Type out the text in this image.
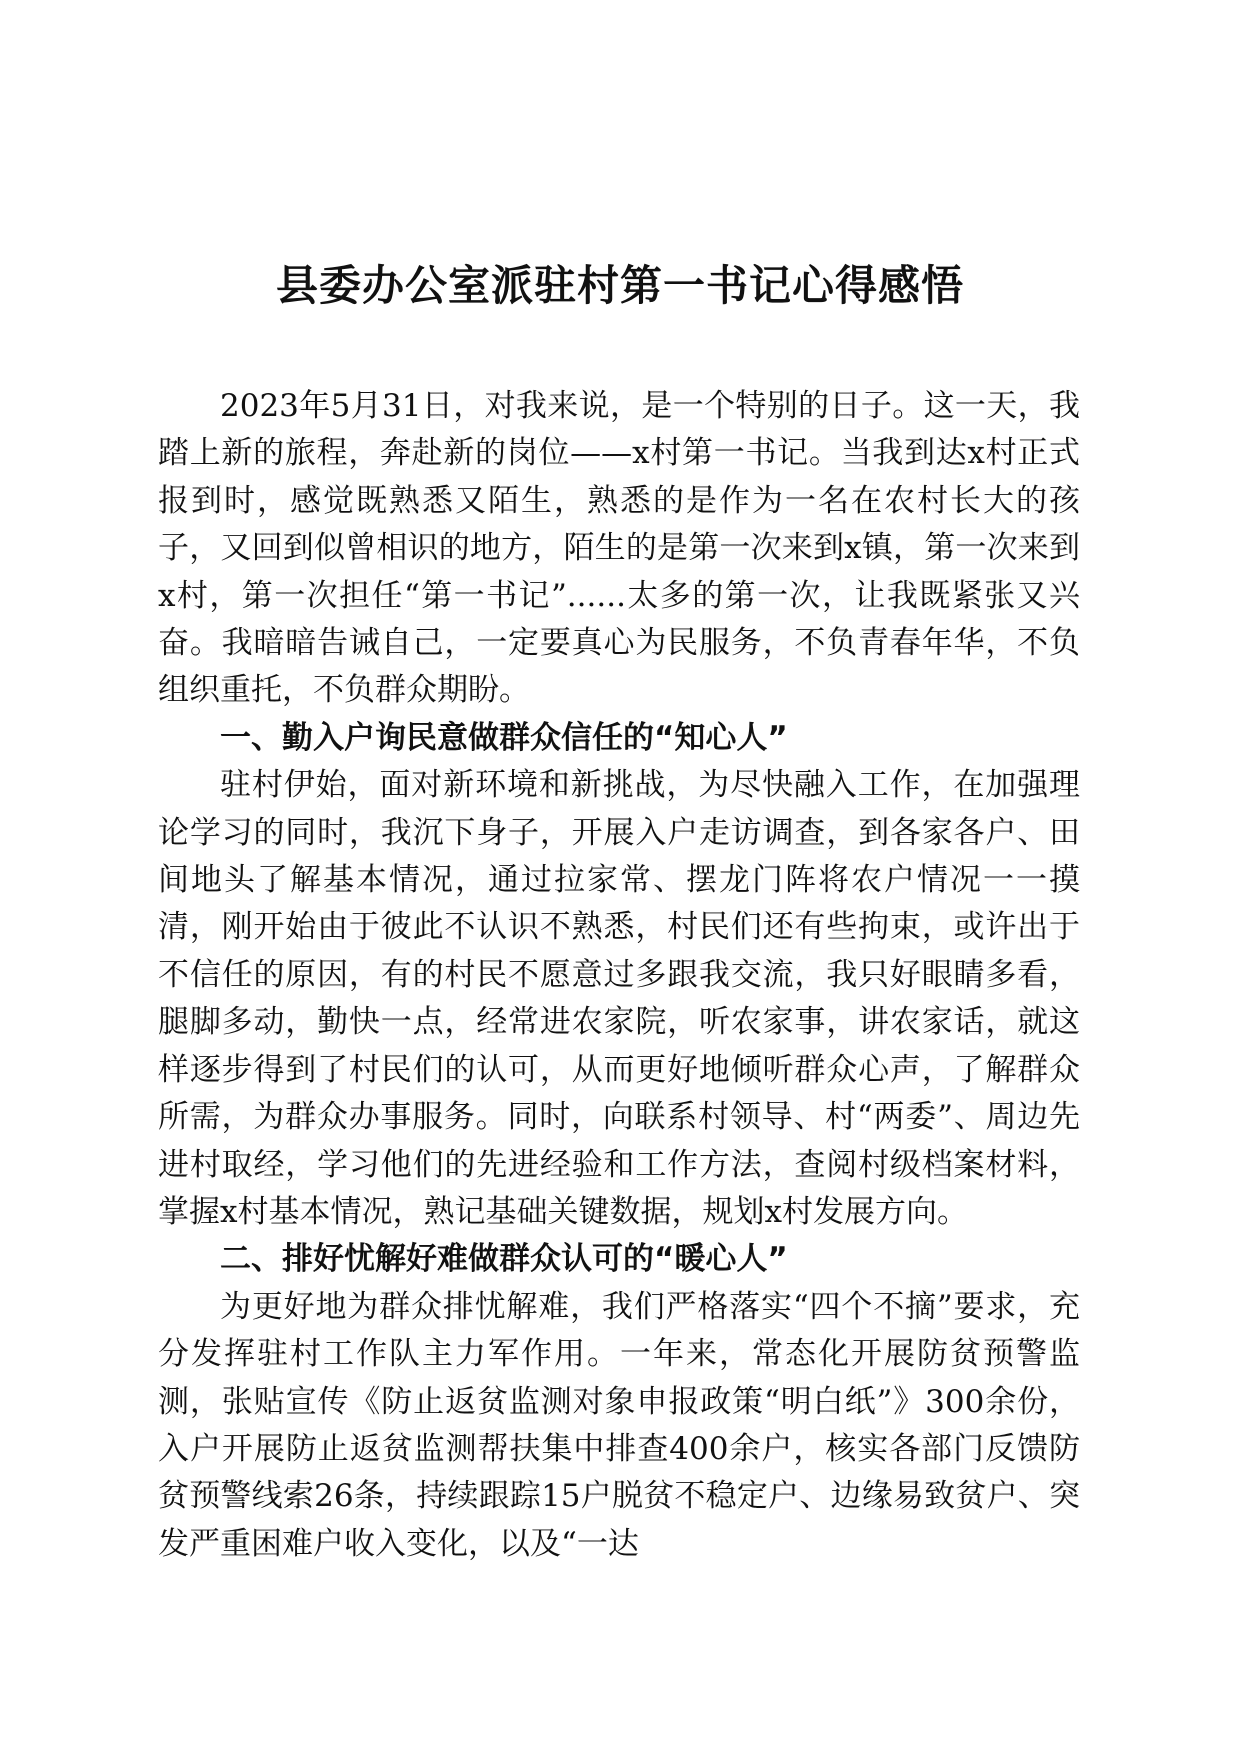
县委办公室派驻村第一书记心得感悟

2023年5月31日，对我来说，是一个特别的日子。这一天，我踏上新的旅程，奔赴新的岗位——x村第一书记。当我到达x村正式报到时，感觉既熟悉又陌生，熟悉的是作为一名在农村长大的孩子，又回到似曾相识的地方，陌生的是第一次来到x镇，第一次来到x村，第一次担任“第一书记”......太多的第一次，让我既紧张又兴奋。我暗暗告诫自己，一定要真心为民服务，不负青春年华，不负组织重托，不负群众期盼。

一、勤入户询民意做群众信任的“知心人”

驻村伊始，面对新环境和新挑战，为尽快融入工作，在加强理论学习的同时，我沉下身子，开展入户走访调查，到各家各户、田间地头了解基本情况，通过拉家常、摆龙门阵将农户情况一一摸清，刚开始由于彼此不认识不熟悉，村民们还有些拘束，或许出于不信任的原因，有的村民不愿意过多跟我交流，我只好眼睛多看，腿脚多动，勤快一点，经常进农家院，听农家事，讲农家话，就这样逐步得到了村民们的认可，从而更好地倾听群众心声，了解群众所需，为群众办事服务。同时，向联系村领导、村“两委”、周边先进村取经，学习他们的先进经验和工作方法，查阅村级档案材料，掌握x村基本情况，熟记基础关键数据，规划x村发展方向。

二、排好忧解好难做群众认可的“暖心人”

为更好地为群众排忧解难，我们严格落实“四个不摘”要求，充分发挥驻村工作队主力军作用。一年来，常态化开展防贫预警监测，张贴宣传《防止返贫监测对象申报政策“明白纸”》300余份，入户开展防止返贫监测帮扶集中排查400余户，核实各部门反馈防贫预警线索26条，持续跟踪15户脱贫不稳定户、边缘易致贫户、突发严重困难户收入变化，以及“一达
